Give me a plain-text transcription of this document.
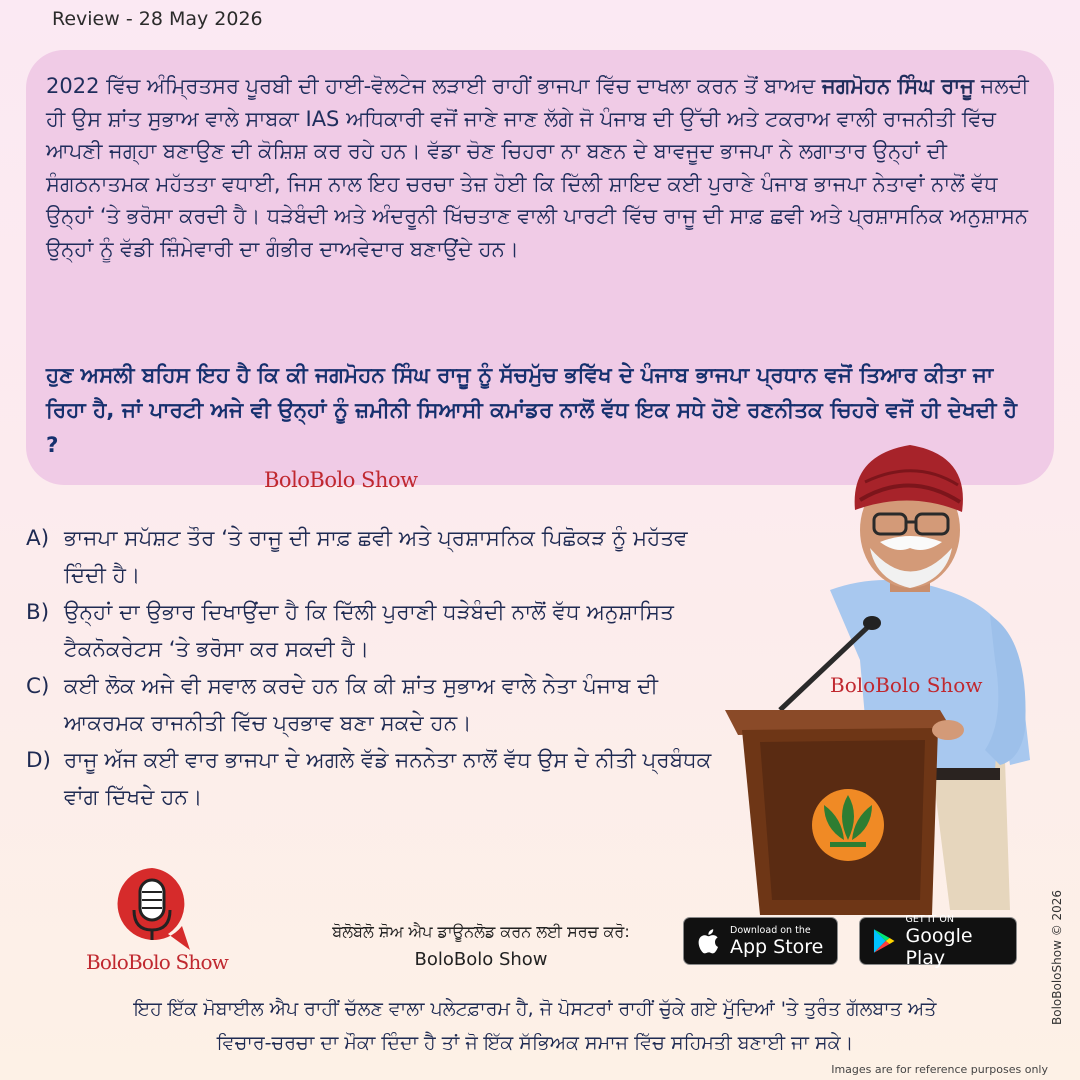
Review - 28 May 2026

2022 ਵਿੱਚ ਅੰਮ੍ਰਿਤਸਰ ਪੂਰਬੀ ਦੀ ਹਾਈ-ਵੋਲਟੇਜ ਲੜਾਈ ਰਾਹੀਂ ਭਾਜਪਾ ਵਿੱਚ ਦਾਖਲਾ ਕਰਨ ਤੋਂ ਬਾਅਦ ਜਗਮੋਹਨ ਸਿੰਘ ਰਾਜੂ ਜਲਦੀ ਹੀ ਉਸ ਸ਼ਾਂਤ ਸੁਭਾਅ ਵਾਲੇ ਸਾਬਕਾ IAS ਅਧਿਕਾਰੀ ਵਜੋਂ ਜਾਣੇ ਜਾਣ ਲੱਗੇ ਜੋ ਪੰਜਾਬ ਦੀ ਉੱਚੀ ਅਤੇ ਟਕਰਾਅ ਵਾਲੀ ਰਾਜਨੀਤੀ ਵਿੱਚ ਆਪਣੀ ਜਗ੍ਹਾ ਬਣਾਉਣ ਦੀ ਕੋਸ਼ਿਸ਼ ਕਰ ਰਹੇ ਹਨ। ਵੱਡਾ ਚੋਣ ਚਿਹਰਾ ਨਾ ਬਣਨ ਦੇ ਬਾਵਜੂਦ ਭਾਜਪਾ ਨੇ ਲਗਾਤਾਰ ਉਨ੍ਹਾਂ ਦੀ ਸੰਗਠਨਾਤਮਕ ਮਹੱਤਤਾ ਵਧਾਈ, ਜਿਸ ਨਾਲ ਇਹ ਚਰਚਾ ਤੇਜ਼ ਹੋਈ ਕਿ ਦਿੱਲੀ ਸ਼ਾਇਦ ਕਈ ਪੁਰਾਣੇ ਪੰਜਾਬ ਭਾਜਪਾ ਨੇਤਾਵਾਂ ਨਾਲੋਂ ਵੱਧ ਉਨ੍ਹਾਂ ‘ਤੇ ਭਰੋਸਾ ਕਰਦੀ ਹੈ। ਧੜੇਬੰਦੀ ਅਤੇ ਅੰਦਰੂਨੀ ਖਿੱਚਤਾਣ ਵਾਲੀ ਪਾਰਟੀ ਵਿੱਚ ਰਾਜੂ ਦੀ ਸਾਫ਼ ਛਵੀ ਅਤੇ ਪ੍ਰਸ਼ਾਸਨਿਕ ਅਨੁਸ਼ਾਸਨ ਉਨ੍ਹਾਂ ਨੂੰ ਵੱਡੀ ਜ਼ਿੰਮੇਵਾਰੀ ਦਾ ਗੰਭੀਰ ਦਾਅਵੇਦਾਰ ਬਣਾਉਂਦੇ ਹਨ।

ਹੁਣ ਅਸਲੀ ਬਹਿਸ ਇਹ ਹੈ ਕਿ ਕੀ ਜਗਮੋਹਨ ਸਿੰਘ ਰਾਜੂ ਨੂੰ ਸੱਚਮੁੱਚ ਭਵਿੱਖ ਦੇ ਪੰਜਾਬ ਭਾਜਪਾ ਪ੍ਰਧਾਨ ਵਜੋਂ ਤਿਆਰ ਕੀਤਾ ਜਾ ਰਿਹਾ ਹੈ, ਜਾਂ ਪਾਰਟੀ ਅਜੇ ਵੀ ਉਨ੍ਹਾਂ ਨੂੰ ਜ਼ਮੀਨੀ ਸਿਆਸੀ ਕਮਾਂਡਰ ਨਾਲੋਂ ਵੱਧ ਇਕ ਸਧੇ ਹੋਏ ਰਣਨੀਤਕ ਚਿਹਰੇ ਵਜੋਂ ਹੀ ਦੇਖਦੀ ਹੈ ?

BoloBolo Show
A) ਭਾਜਪਾ ਸਪੱਸ਼ਟ ਤੌਰ ‘ਤੇ ਰਾਜੂ ਦੀ ਸਾਫ਼ ਛਵੀ ਅਤੇ ਪ੍ਰਸ਼ਾਸਨਿਕ ਪਿਛੋਕੜ ਨੂੰ ਮਹੱਤਵ ਦਿੰਦੀ ਹੈ।
B) ਉਨ੍ਹਾਂ ਦਾ ਉਭਾਰ ਦਿਖਾਉਂਦਾ ਹੈ ਕਿ ਦਿੱਲੀ ਪੁਰਾਣੀ ਧੜੇਬੰਦੀ ਨਾਲੋਂ ਵੱਧ ਅਨੁਸ਼ਾਸਿਤ ਟੈਕਨੋਕਰੇਟਸ ‘ਤੇ ਭਰੋਸਾ ਕਰ ਸਕਦੀ ਹੈ।
C) ਕਈ ਲੋਕ ਅਜੇ ਵੀ ਸਵਾਲ ਕਰਦੇ ਹਨ ਕਿ ਕੀ ਸ਼ਾਂਤ ਸੁਭਾਅ ਵਾਲੇ ਨੇਤਾ ਪੰਜਾਬ ਦੀ ਆਕਰਮਕ ਰਾਜਨੀਤੀ ਵਿੱਚ ਪ੍ਰਭਾਵ ਬਣਾ ਸਕਦੇ ਹਨ।
D) ਰਾਜੂ ਅੱਜ ਕਈ ਵਾਰ ਭਾਜਪਾ ਦੇ ਅਗਲੇ ਵੱਡੇ ਜਨਨੇਤਾ ਨਾਲੋਂ ਵੱਧ ਉਸ ਦੇ ਨੀਤੀ ਪ੍ਰਬੰਧਕ ਵਾਂਗ ਦਿੱਖਦੇ ਹਨ।
BoloBolo Show
BoloBolo Show
ਬੋਲੋਬੋਲੋ ਸ਼ੋਅ ਐਪ ਡਾਊਨਲੋਡ ਕਰਨ ਲਈ ਸਰਚ ਕਰੋ:
BoloBolo Show
Download on the
App Store
GET IT ON
Google Play

ਇਹ ਇੱਕ ਮੋਬਾਈਲ ਐਪ ਰਾਹੀਂ ਚੱਲਣ ਵਾਲਾ ਪਲੇਟਫ਼ਾਰਮ ਹੈ, ਜੋ ਪੋਸਟਰਾਂ ਰਾਹੀਂ ਚੁੱਕੇ ਗਏ ਮੁੱਦਿਆਂ 'ਤੇ ਤੁਰੰਤ ਗੱਲਬਾਤ ਅਤੇ
ਵਿਚਾਰ-ਚਰਚਾ ਦਾ ਮੌਕਾ ਦਿੰਦਾ ਹੈ ਤਾਂ ਜੋ ਇੱਕ ਸੱਭਿਅਕ ਸਮਾਜ ਵਿੱਚ ਸਹਿਮਤੀ ਬਣਾਈ ਜਾ ਸਕੇ।

BoloBoloShow © 2026
Images are for reference purposes only
